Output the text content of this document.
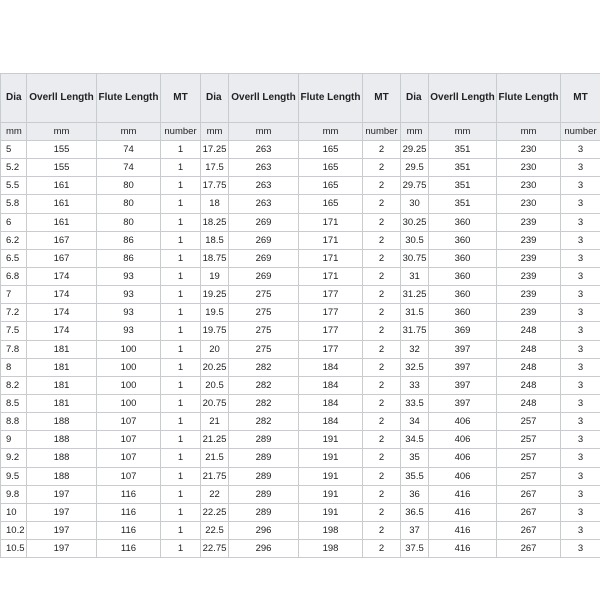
Dia	Overll Length	Flute Length	MT	Dia	Overll Length	Flute Length	MT	Dia	Overll Length	Flute Length	MT
mm	mm	mm	number	mm	mm	mm	number	mm	mm	mm	number
5	155	74	1	17.25	263	165	2	29.25	351	230	3
5.2	155	74	1	17.5	263	165	2	29.5	351	230	3
5.5	161	80	1	17.75	263	165	2	29.75	351	230	3
5.8	161	80	1	18	263	165	2	30	351	230	3
6	161	80	1	18.25	269	171	2	30.25	360	239	3
6.2	167	86	1	18.5	269	171	2	30.5	360	239	3
6.5	167	86	1	18.75	269	171	2	30.75	360	239	3
6.8	174	93	1	19	269	171	2	31	360	239	3
7	174	93	1	19.25	275	177	2	31.25	360	239	3
7.2	174	93	1	19.5	275	177	2	31.5	360	239	3
7.5	174	93	1	19.75	275	177	2	31.75	369	248	3
7.8	181	100	1	20	275	177	2	32	397	248	3
8	181	100	1	20.25	282	184	2	32.5	397	248	3
8.2	181	100	1	20.5	282	184	2	33	397	248	3
8.5	181	100	1	20.75	282	184	2	33.5	397	248	3
8.8	188	107	1	21	282	184	2	34	406	257	3
9	188	107	1	21.25	289	191	2	34.5	406	257	3
9.2	188	107	1	21.5	289	191	2	35	406	257	3
9.5	188	107	1	21.75	289	191	2	35.5	406	257	3
9.8	197	116	1	22	289	191	2	36	416	267	3
10	197	116	1	22.25	289	191	2	36.5	416	267	3
10.2	197	116	1	22.5	296	198	2	37	416	267	3
10.5	197	116	1	22.75	296	198	2	37.5	416	267	3
